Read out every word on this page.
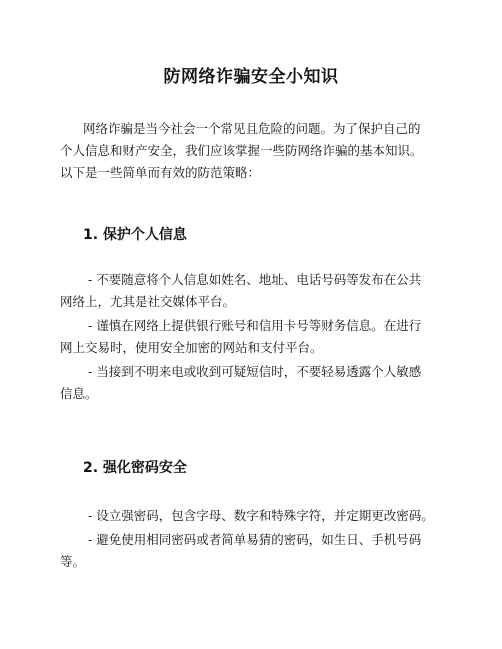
防网络诈骗安全小知识
网络诈骗是当今社会一个常见且危险的问题。为了保护自己的
个人信息和财产安全，我们应该掌握一些防网络诈骗的基本知识。
以下是一些简单而有效的防范策略：
1. 保护个人信息
- 不要随意将个人信息如姓名、地址、电话号码等发布在公共
网络上，尤其是社交媒体平台。
- 谨慎在网络上提供银行账号和信用卡号等财务信息。在进行
网上交易时，使用安全加密的网站和支付平台。
- 当接到不明来电或收到可疑短信时，不要轻易透露个人敏感
信息。
2. 强化密码安全
- 设立强密码，包含字母、数字和特殊字符，并定期更改密码。
- 避免使用相同密码或者简单易猜的密码，如生日、手机号码
等。
